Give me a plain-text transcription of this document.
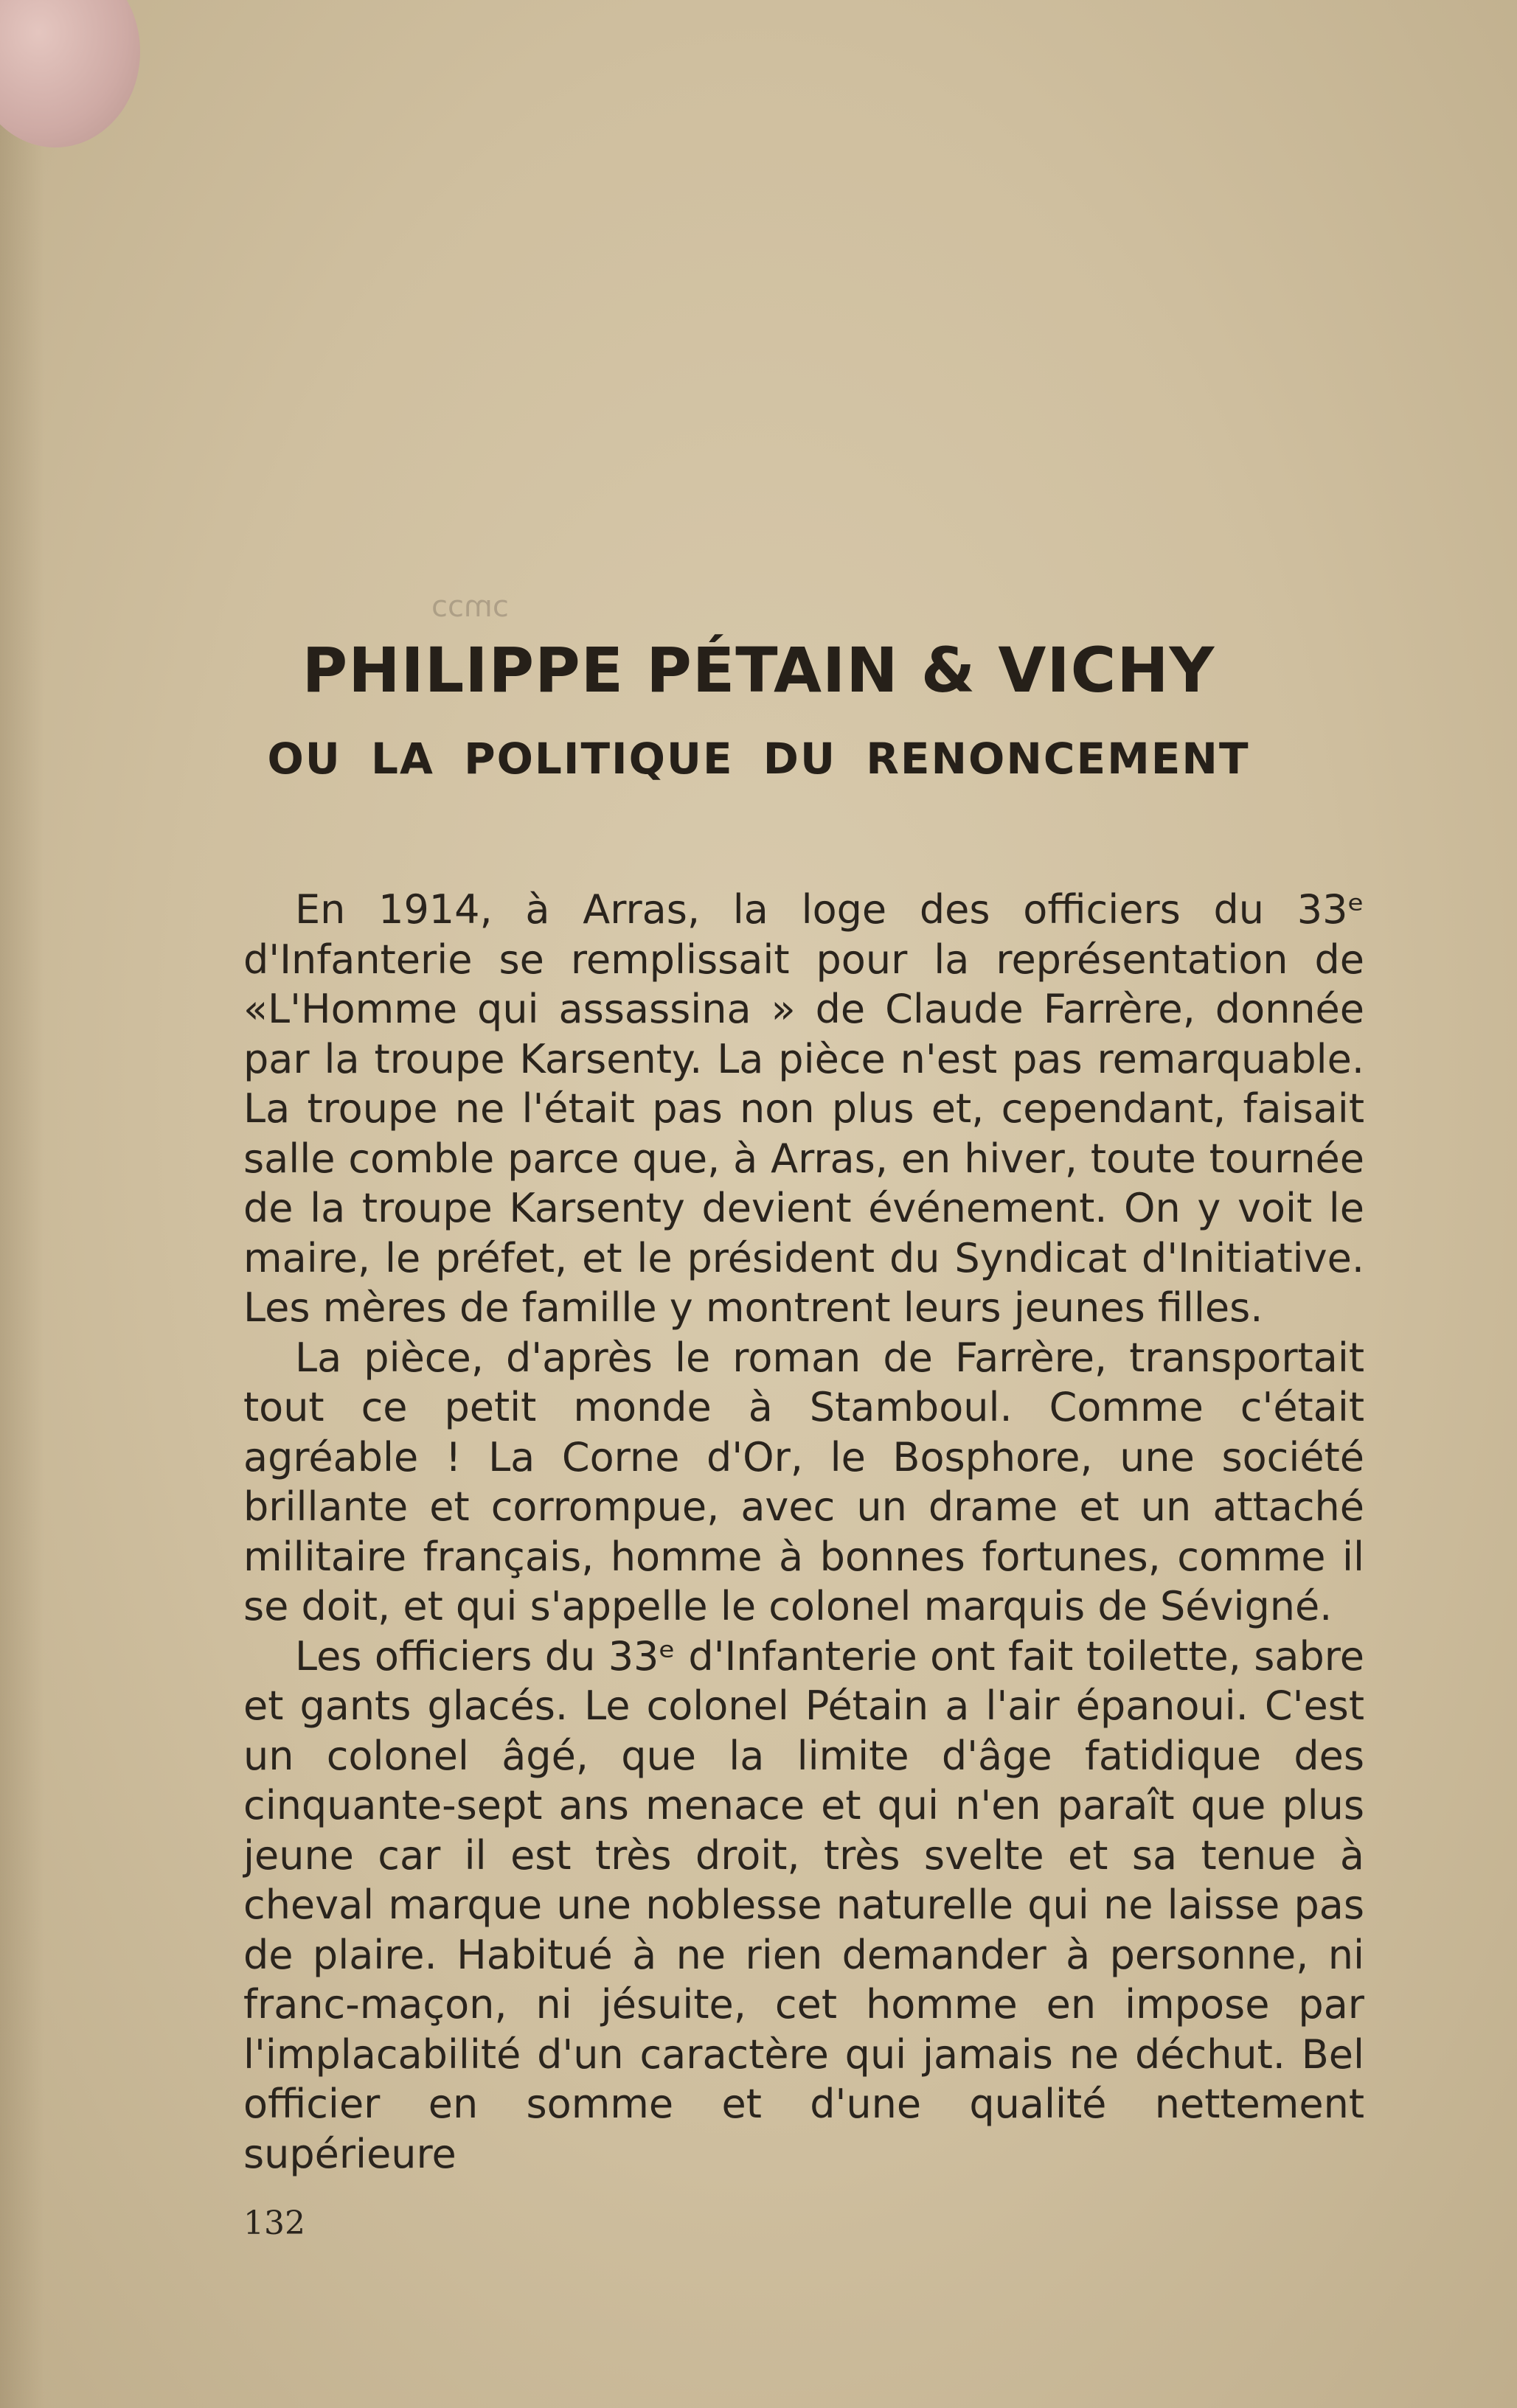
ɔmɔɔ
PHILIPPE PÉTAIN & VICHY
OU LA POLITIQUE DU RENONCEMENT

En 1914, à Arras, la loge des officiers du 33ᵉ d'Infanterie se remplissait pour la représentation de «L'Homme qui assassina » de Claude Farrère, donnée par la troupe Karsenty. La pièce n'est pas remarquable. La troupe ne l'était pas non plus et, cependant, faisait salle comble parce que, à Arras, en hiver, toute tournée de la troupe Karsenty devient événement. On y voit le maire, le préfet, et le président du Syndicat d'Initiative. Les mères de famille y montrent leurs jeunes filles.

La pièce, d'après le roman de Farrère, transportait tout ce petit monde à Stamboul. Comme c'était agréable ! La Corne d'Or, le Bosphore, une société brillante et corrompue, avec un drame et un attaché militaire français, homme à bonnes fortunes, comme il se doit, et qui s'appelle le colonel marquis de Sévigné.

Les officiers du 33ᵉ d'Infanterie ont fait toilette, sabre et gants glacés. Le colonel Pétain a l'air épanoui. C'est un colonel âgé, que la limite d'âge fatidique des cinquante-sept ans menace et qui n'en paraît que plus jeune car il est très droit, très svelte et sa tenue à cheval marque une noblesse naturelle qui ne laisse pas de plaire. Habitué à ne rien demander à personne, ni franc-maçon, ni jésuite, cet homme en impose par l'implacabilité d'un caractère qui jamais ne déchut. Bel officier en somme et d'une qualité nettement supérieure

132
